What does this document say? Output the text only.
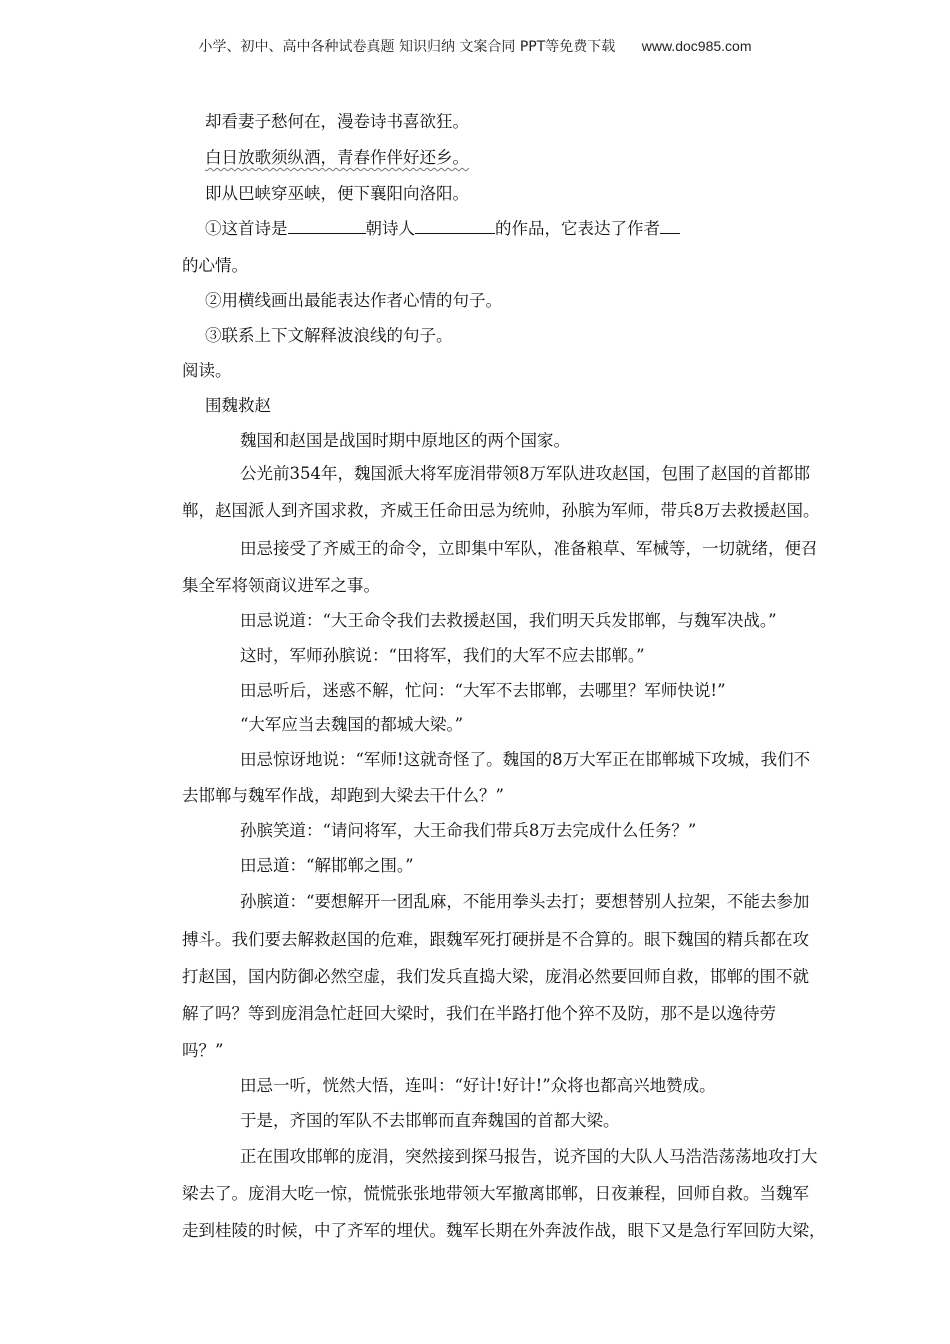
小学、初中、高中各种试卷真题 知识归纳 文案合同 PPT等免费下载 www.doc985.com
却看妻子愁何在，漫卷诗书喜欲狂。
白日放歌须纵酒，青春作伴好还乡。
即从巴峡穿巫峡，便下襄阳向洛阳。
①这首诗是	朝诗人	的作品，它表达了作者
的心情。
②用横线画出最能表达作者心情的句子。
③联系上下文解释波浪线的句子。
阅读。
围魏救赵
魏国和赵国是战国时期中原地区的两个国家。
公光前354年，魏国派大将军庞涓带领8万军队进攻赵国，包围了赵国的首都邯
郸，赵国派人到齐国求救，齐威王任命田忌为统帅，孙膑为军师，带兵8万去救援赵国。
田忌接受了齐威王的命令，立即集中军队，准备粮草、军械等，一切就绪，便召
集全军将领商议进军之事。
田忌说道：“大王命令我们去救援赵国，我们明天兵发邯郸，与魏军决战。”
这时，军师孙膑说：“田将军，我们的大军不应去邯郸。”
田忌听后，迷惑不解，忙问：“大军不去邯郸，去哪里？军师快说!”
“大军应当去魏国的都城大梁。”
田忌惊讶地说：“军师!这就奇怪了。魏国的8万大军正在邯郸城下攻城，我们不
去邯郸与魏军作战，却跑到大梁去干什么？”
孙膑笑道：“请问将军，大王命我们带兵8万去完成什么任务？”
田忌道：“解邯郸之围。”
孙膑道：“要想解开一团乱麻，不能用拳头去打；要想替别人拉架，不能去参加
搏斗。我们要去解救赵国的危难，跟魏军死打硬拼是不合算的。眼下魏国的精兵都在攻
打赵国，国内防御必然空虚，我们发兵直捣大梁，庞涓必然要回师自救，邯郸的围不就
解了吗？等到庞涓急忙赶回大梁时，我们在半路打他个猝不及防，那不是以逸待劳
吗？”
田忌一听，恍然大悟，连叫：“好计!好计!”众将也都高兴地赞成。
于是，齐国的军队不去邯郸而直奔魏国的首都大梁。
正在围攻邯郸的庞涓，突然接到探马报告，说齐国的大队人马浩浩荡荡地攻打大
梁去了。庞涓大吃一惊，慌慌张张地带领大军撤离邯郸，日夜兼程，回师自救。当魏军
走到桂陵的时候，中了齐军的埋伏。魏军长期在外奔波作战，眼下又是急行军回防大梁，
